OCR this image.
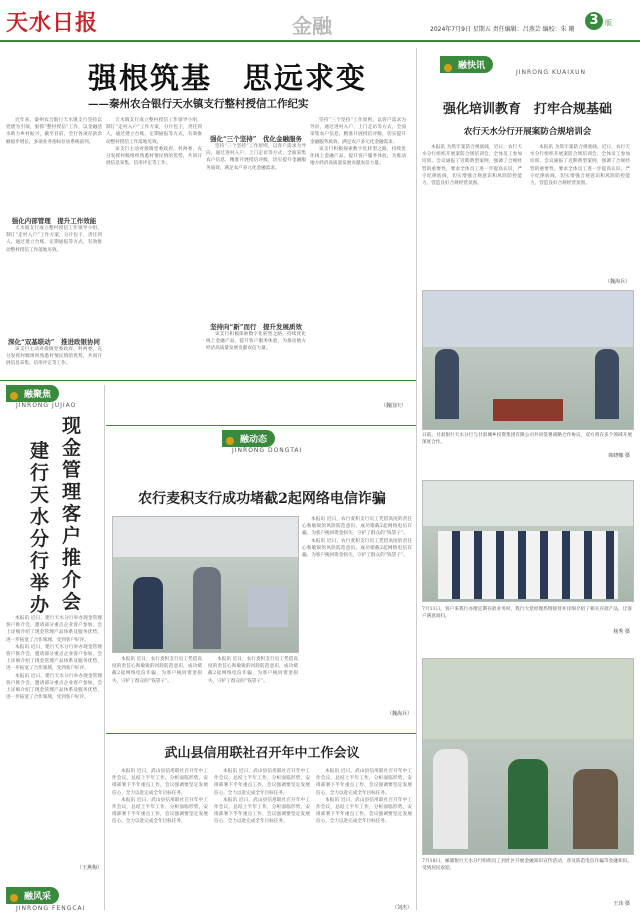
天水日报	金融	2024年7月9日 星期五 责任编辑：吕燕芸 编校：朱 珊
3 版
强根筑基　思远求变
——秦州农合银行天水镇支行整村授信工作纪实

近年来，秦州农合银行天水镇支行坚持以党建为引领，狠抓“整村授信”工作，以金融活水助力乡村振兴，截至目前，全行各项存款余额稳步增长，多项业务指标位居系统前列。

强化内部管理　提升工作效能

天水镇支行成立整村授信工作领导小组，制订“走村入户”工作方案，分片包干，责任到人，通过建立台账、定期通报等方式，有效推动整村授信工作落地见效。

深化“双基联动”　推进政银协同

该支行主动对接镇党委政府、村两委，充分发挥村级组织熟悉村情民情的优势，共同开展信息采集、信用评定等工作。

天水镇支行成立整村授信工作领导小组，制订“走村入户”工作方案，分片包干，责任到人，通过建立台账、定期通报等方式，有效推动整村授信工作落地见效。

该支行主动对接镇党委政府、村两委，充分发挥村级组织熟悉村情民情的优势，共同开展信息采集、信用评定等工作。

强化“三个坚持”　优化金融服务

坚持“三个坚持”工作原则，以客户需求为导向，通过进村入户、上门走访等方式，全面采集农户信息，精准开展授信评级，切实提升金融服务质效，满足农户多元化金融需求。

坚持向“新”而行　提升发展质效

该支行积极探索数字化转型之路，持续优化线上金融产品，提升客户服务体验，为推动地方经济高质量发展贡献农信力量。

坚持“三个坚持”工作原则，以客户需求为导向，通过进村入户、上门走访等方式，全面采集农户信息，精准开展授信评级，切实提升金融服务质效，满足农户多元化金融需求。

该支行积极探索数字化转型之路，持续优化线上金融产品，提升客户服务体验，为推动地方经济高质量发展贡献农信力量。

（魏国庆）
融快讯
JINRONG KUAIXUN
强化培训教育　打牢合规基础
农行天水分行开展案防合规培训会

本报讯 为筑牢案防合规底线，近日，农行天水分行组织开展案防合规培训会，全体员工参加培训。会议通报了近期典型案例，强调了合规经营的重要性，要求全体员工进一步提高认识，严守纪律底线，切实增强合规意识和风险防控能力，营造良好合规经营氛围。

本报讯 为筑牢案防合规底线，近日，农行天水分行组织开展案防合规培训会，全体员工参加培训。会议通报了近期典型案例，强调了合规经营的重要性，要求全体员工进一步提高认识，严守纪律底线，切实增强合规意识和风险防控能力，营造良好合规经营氛围。

（魏海兵）
日前，甘肃银行天水分行与甘肃城乡投资集团有限公司共同签署战略合作协议，双方将在多个领域开展深度合作。
韩晓娜 摄
融聚焦
JINRONG JUJIAO
现金管理客户推介会
建行天水分行举办

本报讯 近日，建行天水分行举办现金管理客户推介会，邀请部分重点企业客户参加，会上详细介绍了现金管理产品体系及服务优势，进一步拓宽了合作领域，受到客户好评。

本报讯 近日，建行天水分行举办现金管理客户推介会，邀请部分重点企业客户参加，会上详细介绍了现金管理产品体系及服务优势，进一步拓宽了合作领域，受到客户好评。

本报讯 近日，建行天水分行举办现金管理客户推介会，邀请部分重点企业客户参加，会上详细介绍了现金管理产品体系及服务优势，进一步拓宽了合作领域，受到客户好评。

（王燕梅）
融动态
JINRONG DONGTAI
农行麦积支行成功堵截2起网络电信诈骗

本报讯 近日，农行麦积支行员工凭借高度的责任心和敏锐的风险防范意识，成功堵截2起网络电信诈骗，为客户挽回资金损失，守护了群众的“钱袋子”。

本报讯 近日，农行麦积支行员工凭借高度的责任心和敏锐的风险防范意识，成功堵截2起网络电信诈骗，为客户挽回资金损失，守护了群众的“钱袋子”。

（魏海兵）

本报讯 近日，农行麦积支行员工凭借高度的责任心和敏锐的风险防范意识，成功堵截2起网络电信诈骗，为客户挽回资金损失，守护了群众的“钱袋子”。

本报讯 近日，农行麦积支行员工凭借高度的责任心和敏锐的风险防范意识，成功堵截2起网络电信诈骗，为客户挽回资金损失，守护了群众的“钱袋子”。

7月11日，客户来我行办理定期存款业务时，我行大堂经理热情接待并详细介绍了相关存款产品，让客户满意而归。
杨秀 摄
武山县信用联社召开年中工作会议

本报讯 近日，武山县信用联社召开年中工作会议，总结上半年工作，分析面临形势，安排部署下半年重点工作，会议强调要坚定发展信心，全力以赴完成全年目标任务。

本报讯 近日，武山县信用联社召开年中工作会议，总结上半年工作，分析面临形势，安排部署下半年重点工作，会议强调要坚定发展信心，全力以赴完成全年目标任务。

本报讯 近日，武山县信用联社召开年中工作会议，总结上半年工作，分析面临形势，安排部署下半年重点工作，会议强调要坚定发展信心，全力以赴完成全年目标任务。

本报讯 近日，武山县信用联社召开年中工作会议，总结上半年工作，分析面临形势，安排部署下半年重点工作，会议强调要坚定发展信心，全力以赴完成全年目标任务。

本报讯 近日，武山县信用联社召开年中工作会议，总结上半年工作，分析面临形势，安排部署下半年重点工作，会议强调要坚定发展信心，全力以赴完成全年目标任务。

本报讯 近日，武山县信用联社召开年中工作会议，总结上半年工作，分析面临形势，安排部署下半年重点工作，会议强调要坚定发展信心，全力以赴完成全年目标任务。

（刘杰）
7月18日，邮储银行天水分行组织员工到社区开展金融知识宣传活动，普及防范电信诈骗等金融知识，受到居民欢迎。
王玮 摄
融风采
JINRONG FENGCAI
